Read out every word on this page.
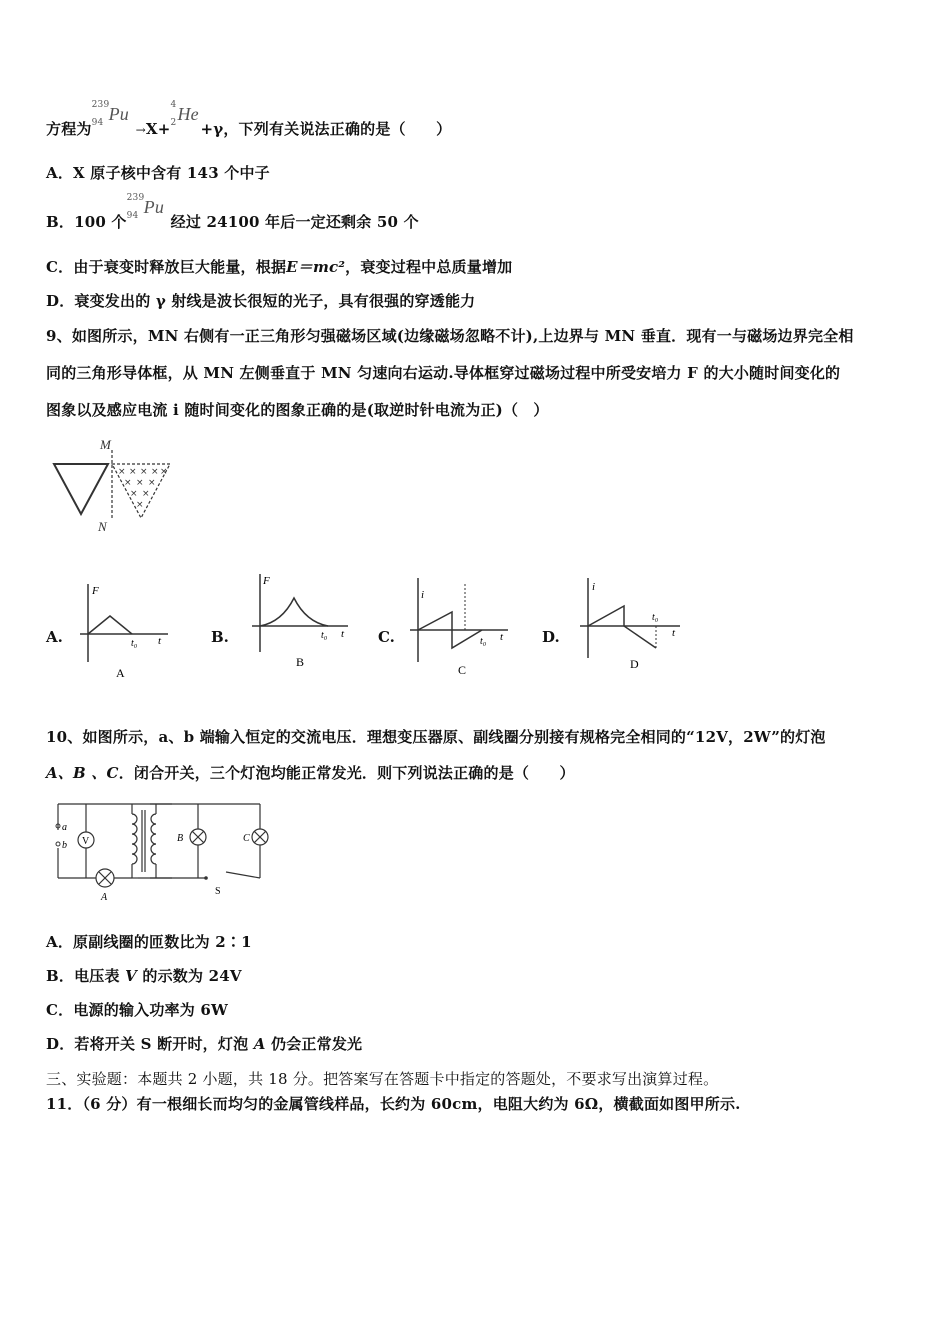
方程为
239
94 Pu
→X+
4
2 He
+γ，下列有关说法正确的是（　　）
A．X 原子核中含有 143 个中子
B．100 个
239
94 Pu
经过 24100 年后一定还剩余 50 个
C．由于衰变时释放巨大能量，根据E＝mc²，衰变过程中总质量增加
D．衰变发出的 γ 射线是波长很短的光子，具有很强的穿透能力
9、如图所示，MN 右侧有一正三角形匀强磁场区域(边缘磁场忽略不计),上边界与 MN 垂直．现有一与磁场边界完全相
同的三角形导体框，从 MN 左侧垂直于 MN 匀速向右运动.导体框穿过磁场过程中所受安培力 F 的大小随时间变化的
图象以及感应电流 i 随时间变化的图象正确的是(取逆时针电流为正)（　）
× × × × ×
× × ×
× ×
×
M
N
A.
F
t
t₀
A
B.
F
t
t₀
B
C.
i
t
t₀
C
D.
i
t
t₀
D
10、如图所示，a、b 端输入恒定的交流电压．理想变压器原、副线圈分别接有规格完全相同的“12V，2W”的灯泡
A、B 、C．闭合开关，三个灯泡均能正常发光．则下列说法正确的是（　　）
a
b V
A
B	C
S
A．原副线圈的匝数比为 2∶1
B．电压表 V 的示数为 24V
C．电源的输入功率为 6W
D．若将开关 S 断开时，灯泡 A 仍会正常发光
三、实验题：本题共 2 小题，共 18 分。把答案写在答题卡中指定的答题处，不要求写出演算过程。
11．（6 分）有一根细长而均匀的金属管线样品，长约为 60cm，电阻大约为 6Ω，横截面如图甲所示.
